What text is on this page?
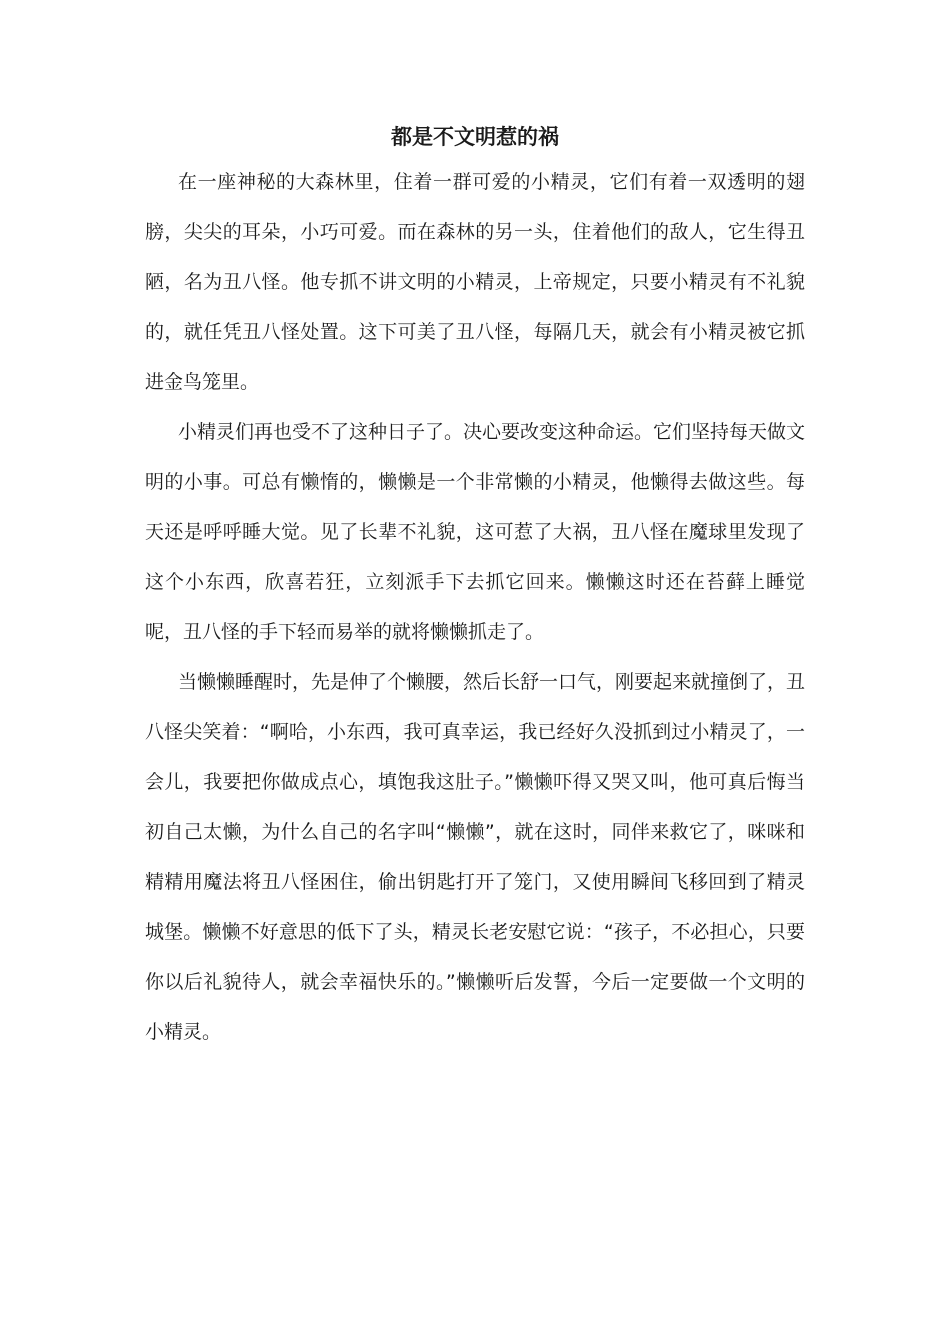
都是不文明惹的祸

在一座神秘的大森林里，住着一群可爱的小精灵，它们有着一双透明的翅膀，尖尖的耳朵，小巧可爱。而在森林的另一头，住着他们的敌人，它生得丑陋，名为丑八怪。他专抓不讲文明的小精灵，上帝规定，只要小精灵有不礼貌的，就任凭丑八怪处置。这下可美了丑八怪，每隔几天，就会有小精灵被它抓进金鸟笼里。

小精灵们再也受不了这种日子了。决心要改变这种命运。它们坚持每天做文明的小事。可总有懒惰的，懒懒是一个非常懒的小精灵，他懒得去做这些。每天还是呼呼睡大觉。见了长辈不礼貌，这可惹了大祸，丑八怪在魔球里发现了这个小东西，欣喜若狂，立刻派手下去抓它回来。懒懒这时还在苔藓上睡觉呢，丑八怪的手下轻而易举的就将懒懒抓走了。

当懒懒睡醒时，先是伸了个懒腰，然后长舒一口气，刚要起来就撞倒了，丑八怪尖笑着：“啊哈，小东西，我可真幸运，我已经好久没抓到过小精灵了，一会儿，我要把你做成点心，填饱我这肚子。”懒懒吓得又哭又叫，他可真后悔当初自己太懒，为什么自己的名字叫“懒懒”，就在这时，同伴来救它了，咪咪和精精用魔法将丑八怪困住，偷出钥匙打开了笼门，又使用瞬间飞移回到了精灵城堡。懒懒不好意思的低下了头，精灵长老安慰它说：“孩子，不必担心，只要你以后礼貌待人，就会幸福快乐的。”懒懒听后发誓，今后一定要做一个文明的小精灵。
